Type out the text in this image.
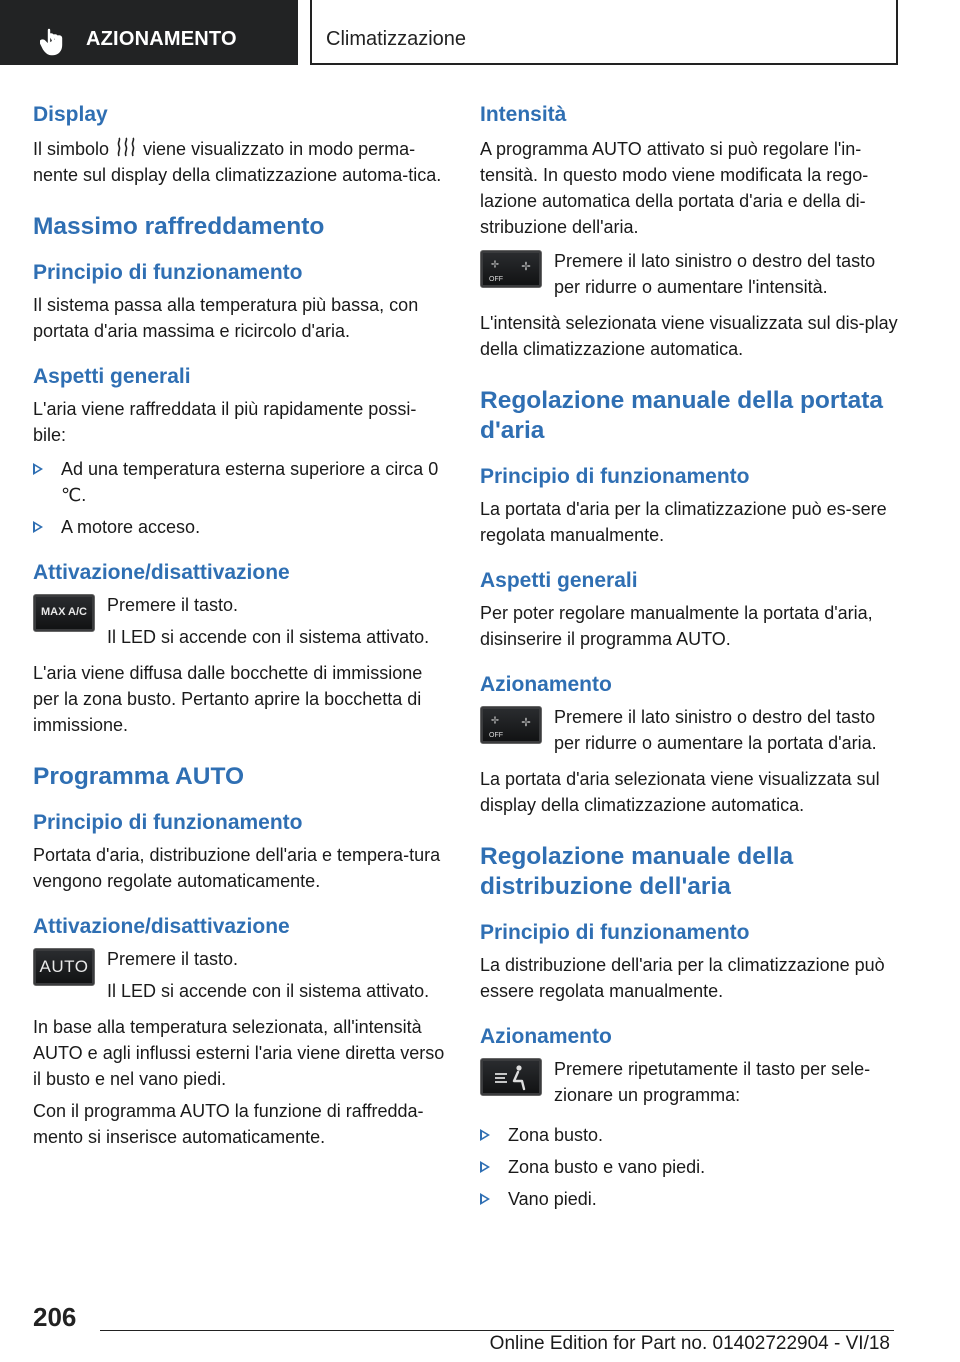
AZIONAMENTO	Climatizzazione
Display

Il simbolo viene visualizzato in modo perma-nente sul display della climatizzazione automa-tica.

Massimo raffreddamento
Principio di funzionamento

Il sistema passa alla temperatura più bassa, con portata d'aria massima e ricircolo d'aria.

Aspetti generali

L'aria viene raffreddata il più rapidamente possi-bile:

Ad una temperatura esterna superiore a circa 0 ℃.
A motore acceso.
Attivazione/disattivazione
MAX A/C	Premere il tasto.

Il LED si accende con il sistema attivato.

L'aria viene diffusa dalle bocchette di immissione per la zona busto. Pertanto aprire la bocchetta di immissione.

Programma AUTO
Principio di funzionamento

Portata d'aria, distribuzione dell'aria e tempera-tura vengono regolate automaticamente.

Attivazione/disattivazione
AUTO	Premere il tasto.

Il LED si accende con il sistema attivato.

In base alla temperatura selezionata, all'intensità AUTO e agli influssi esterni l'aria viene diretta verso il busto e nel vano piedi.

Con il programma AUTO la funzione di raffredda-mento si inserisce automaticamente.

Intensità

A programma AUTO attivato si può regolare l'in-tensità. In questo modo viene modificata la rego-lazione automatica della portata d'aria e della di-stribuzione dell'aria.

OFF

Premere il lato sinistro o destro del tasto per ridurre o aumentare l'intensità.

L'intensità selezionata viene visualizzata sul dis-play della climatizzazione automatica.

Regolazione manuale della portata d'aria
Principio di funzionamento

La portata d'aria per la climatizzazione può es-sere regolata manualmente.

Aspetti generali

Per poter regolare manualmente la portata d'aria, disinserire il programma AUTO.

Azionamento
OFF

Premere il lato sinistro o destro del tasto per ridurre o aumentare la portata d'aria.

La portata d'aria selezionata viene visualizzata sul display della climatizzazione automatica.

Regolazione manuale della distribuzione dell'aria
Principio di funzionamento

La distribuzione dell'aria per la climatizzazione può essere regolata manualmente.

Azionamento

Premere ripetutamente il tasto per sele-zionare un programma:

Zona busto.
Zona busto e vano piedi.
Vano piedi.
206
Online Edition for Part no. 01402722904 - VI/18
